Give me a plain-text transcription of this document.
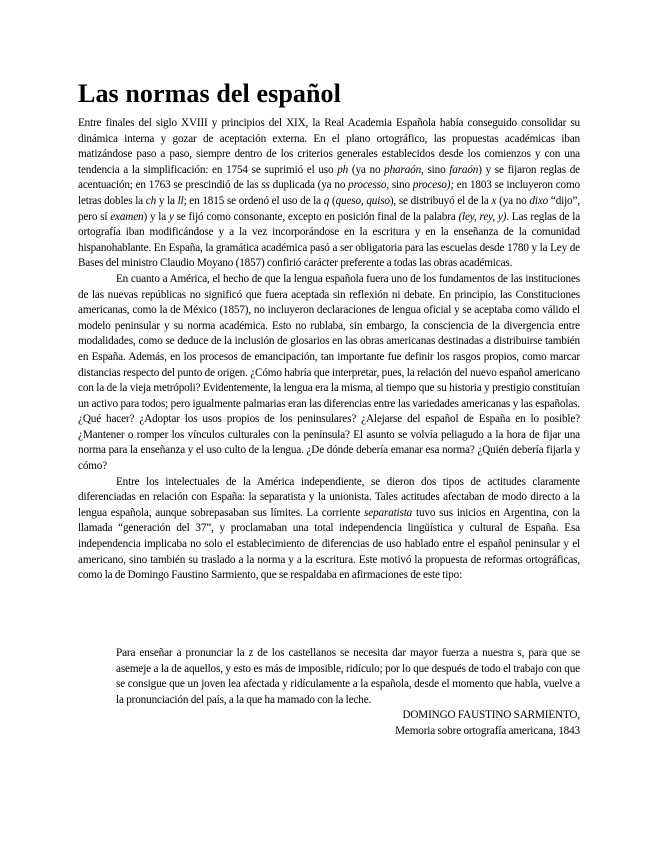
Las normas del español

Entre finales del siglo XVIII y principios del XIX, la Real Academia Española había conseguido consolidar su dinámica interna y gozar de aceptación externa. En el plano ortográfico, las propuestas académicas iban matizándose paso a paso, siempre dentro de los criterios generales establecidos desde los comienzos y con una tendencia a la simplificación: en 1754 se suprimió el uso ph (ya no pharaón, sino faraón) y se fijaron reglas de acentuación; en 1763 se prescindió de las ss duplicada (ya no processo, sino proceso); en 1803 se incluyeron como letras dobles la ch y la ll; en 1815 se ordenó el uso de la q (queso, quiso), se distribuyó el de la x (ya no dixo “dijo”, pero sí examen) y la y se fijó como consonante, excepto en posición final de la palabra (ley, rey, y). Las reglas de la ortografía iban modificándose y a la vez incorporándose en la escritura y en la enseñanza de la comunidad hispanohablante. En España, la gramática académica pasó a ser obligatoria para las escuelas desde 1780 y la Ley de Bases del ministro Claudio Moyano (1857) confirió carácter preferente a todas las obras académicas.

En cuanto a América, el hecho de que la lengua española fuera uno de los fundamentos de las instituciones de las nuevas repúblicas no significó que fuera aceptada sin reflexión ni debate. En principio, las Constituciones americanas, como la de México (1857), no incluyeron declaraciones de lengua oficial y se aceptaba como válido el modelo peninsular y su norma académica. Esto no rublaba, sin embargo, la consciencia de la divergencia entre modalidades, como se deduce de la inclusión de glosarios en las obras americanas destinadas a distribuirse también en España. Además, en los procesos de emancipación, tan importante fue definir los rasgos propios, como marcar distancias respecto del punto de origen. ¿Cómo habría que interpretar, pues, la relación del nuevo español americano con la de la vieja metrópoli? Evidentemente, la lengua era la misma, al tiempo que su historia y prestigio constituían un activo para todos; pero igualmente palmarias eran las diferencias entre las variedades americanas y las españolas. ¿Qué hacer? ¿Adoptar los usos propios de los peninsulares? ¿Alejarse del español de España en lo posible? ¿Mantener o romper los vínculos culturales con la península? El asunto se volvía peliagudo a la hora de fijar una norma para la enseñanza y el uso culto de la lengua. ¿De dónde debería emanar esa norma? ¿Quién debería fijarla y cómo?

Entre los intelectuales de la América independiente, se dieron dos tipos de actitudes claramente diferenciadas en relación con España: la separatista y la unionista. Tales actitudes afectaban de modo directo a la lengua española, aunque sobrepasaban sus límites. La corriente separatista tuvo sus inicios en Argentina, con la llamada “generación del 37”, y proclamaban una total independencia lingüística y cultural de España. Esa independencia implicaba no solo el establecimiento de diferencias de uso hablado entre el español peninsular y el americano, sino también su traslado a la norma y a la escritura. Este motivó la propuesta de reformas ortográficas, como la de Domingo Faustino Sarmiento, que se respaldaba en afirmaciones de este tipo:

Para enseñar a pronunciar la z de los castellanos se necesita dar mayor fuerza a nuestra s, para que se asemeje a la de aquellos, y esto es más de imposible, ridículo; por lo que después de todo el trabajo con que se consigue que un joven lea afectada y ridículamente a la española, desde el momento que habla, vuelve a la pronunciación del país, a la que ha mamado con la leche.

DOMINGO FAUSTINO SARMIENTO,
Memoria sobre ortografía americana, 1843
